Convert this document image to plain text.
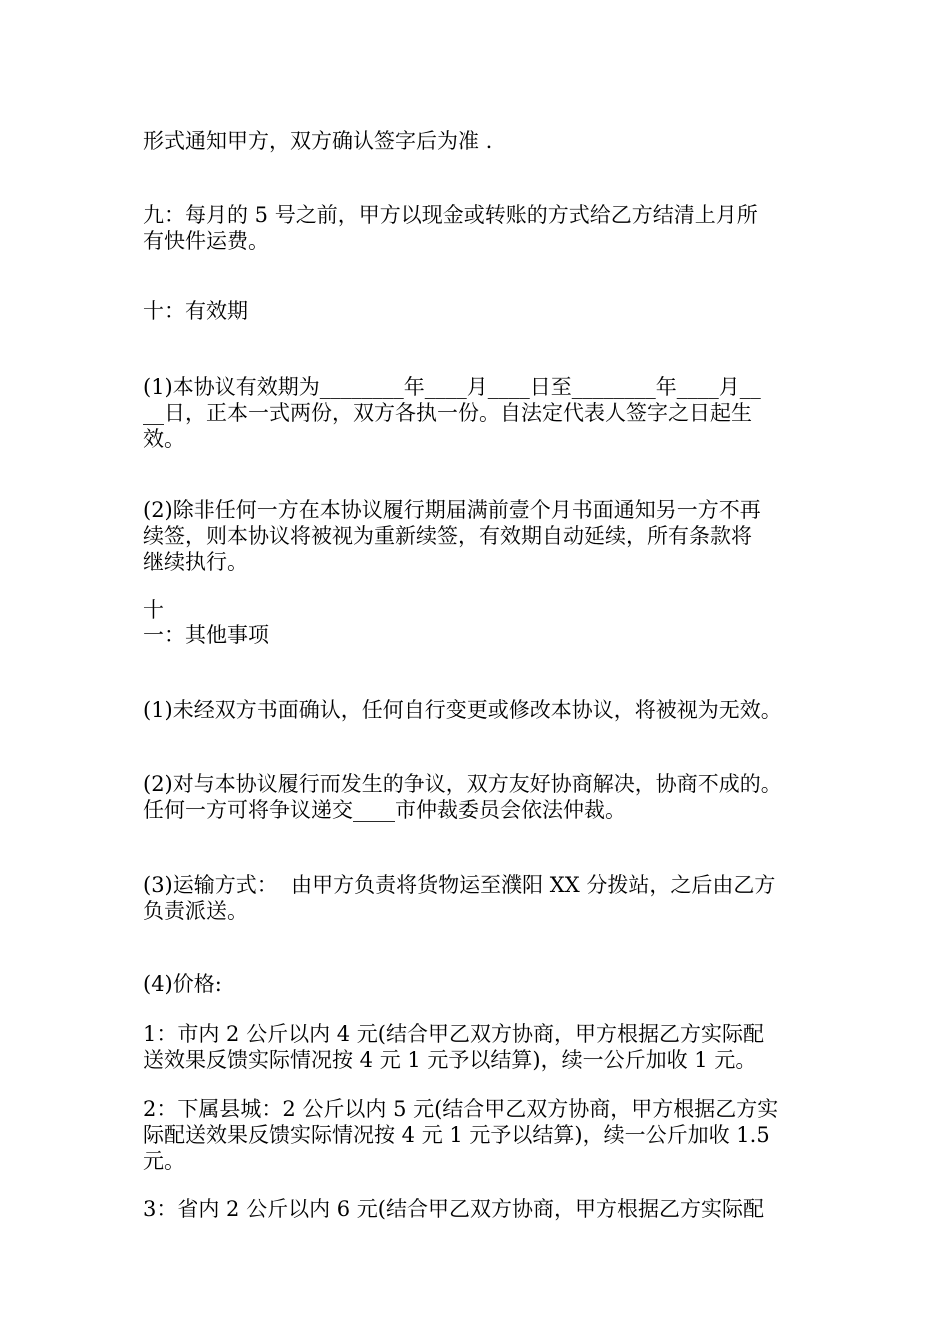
形式通知甲方，双方确认签字后为准 .

九：每月的 5 号之前，甲方以现金或转账的方式给乙方结清上月所

有快件运费。

十：有效期

(1)本协议有效期为________年____月____日至________年____月__

__日，正本一式两份，双方各执一份。自法定代表人签字之日起生

效。

(2)除非任何一方在本协议履行期届满前壹个月书面通知另一方不再

续签，则本协议将被视为重新续签，有效期自动延续，所有条款将

继续执行。

十

一：其他事项

(1)未经双方书面确认，任何自行变更或修改本协议，将被视为无效。

(2)对与本协议履行而发生的争议，双方友好协商解决，协商不成的。

任何一方可将争议递交____市仲裁委员会依法仲裁。

(3)运输方式：  由甲方负责将货物运至濮阳 XX 分拨站，之后由乙方

负责派送。

(4)价格:

1：市内 2 公斤以内 4 元(结合甲乙双方协商，甲方根据乙方实际配

送效果反馈实际情况按 4 元 1 元予以结算)，续一公斤加收 1 元。

2：下属县城：2 公斤以内 5 元(结合甲乙双方协商，甲方根据乙方实

际配送效果反馈实际情况按 4 元 1 元予以结算)，续一公斤加收 1.5

元。

3：省内 2 公斤以内 6 元(结合甲乙双方协商，甲方根据乙方实际配
